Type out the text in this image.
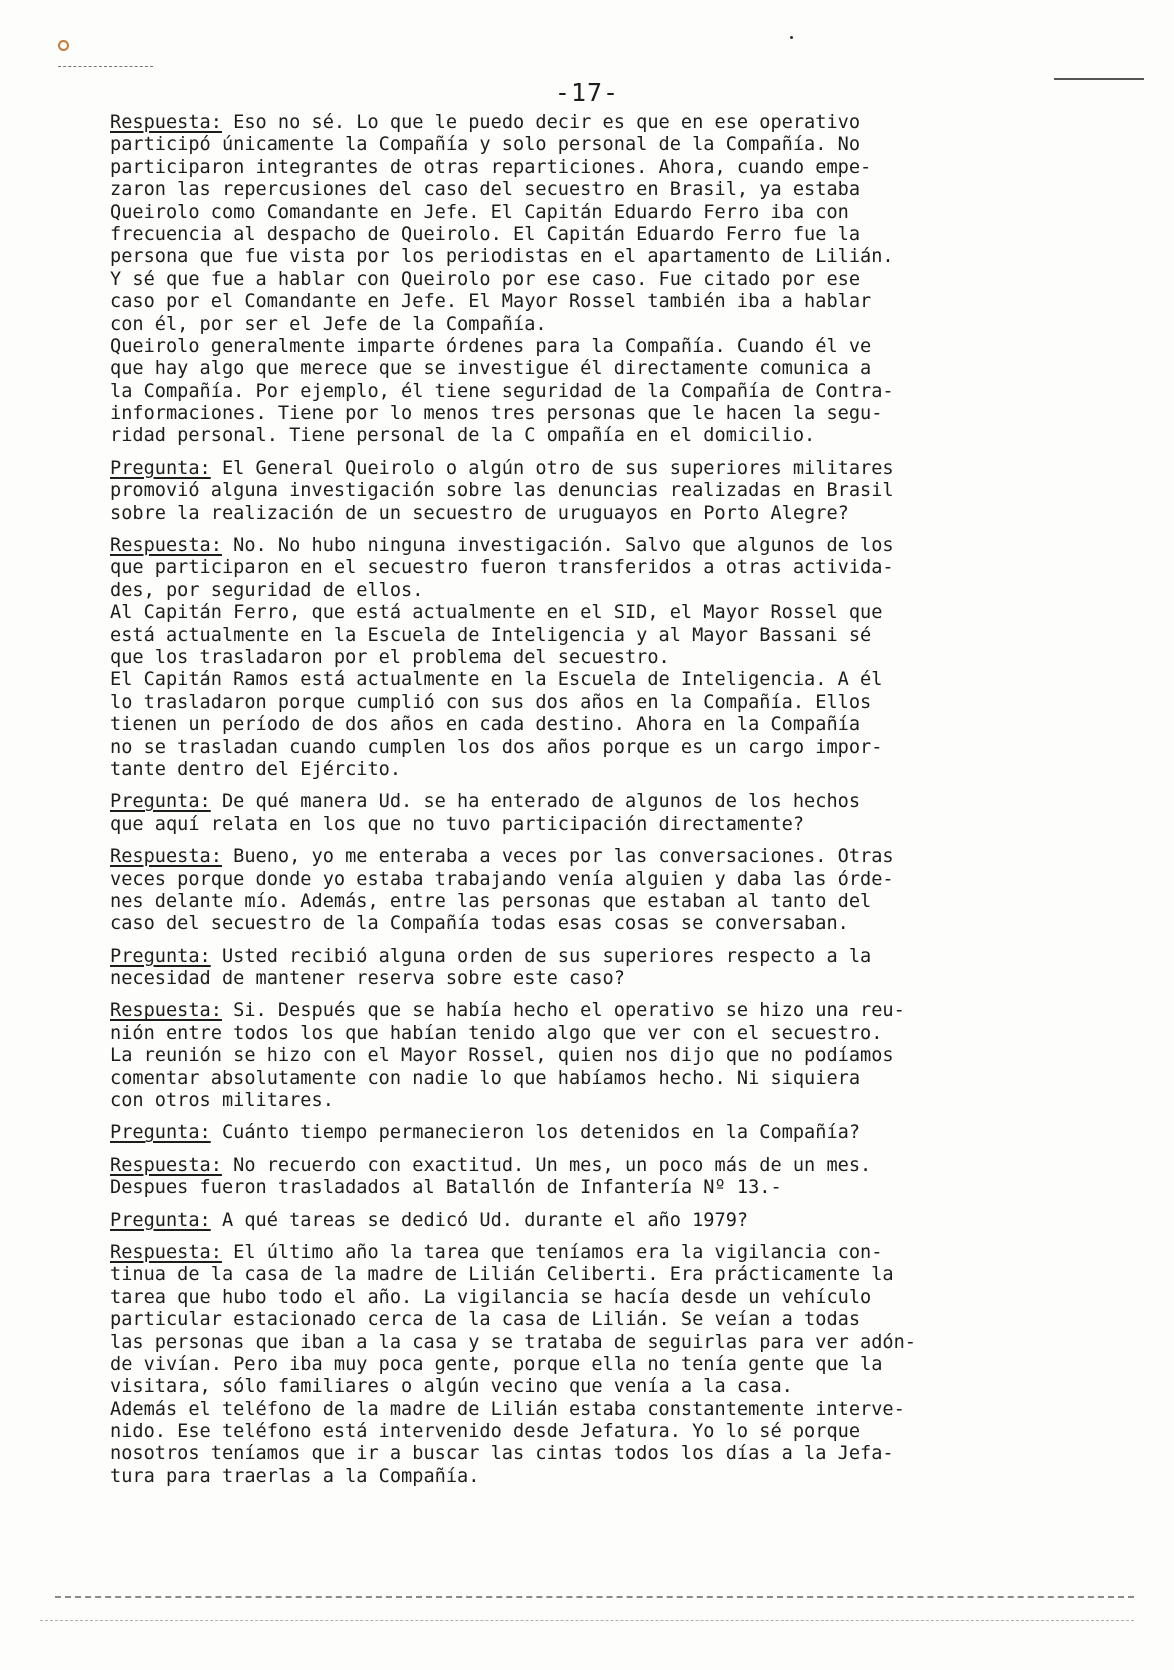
-17-
Respuesta: Eso no sé. Lo que le puedo decir es que en ese operativo
participó únicamente la Compañía y solo personal de la Compañía. No
participaron integrantes de otras reparticiones. Ahora, cuando empe-
zaron las repercusiones del caso del secuestro en Brasil, ya estaba
Queirolo como Comandante en Jefe. El Capitán Eduardo Ferro iba con
frecuencia al despacho de Queirolo. El Capitán Eduardo Ferro fue la
persona que fue vista por los periodistas en el apartamento de Lilián.
Y sé que fue a hablar con Queirolo por ese caso. Fue citado por ese
caso por el Comandante en Jefe. El Mayor Rossel también iba a hablar
con él, por ser el Jefe de la Compañía.
Queirolo generalmente imparte órdenes para la Compañía. Cuando él ve
que hay algo que merece que se investigue él directamente comunica a
la Compañía. Por ejemplo, él tiene seguridad de la Compañía de Contra-
informaciones. Tiene por lo menos tres personas que le hacen la segu-
ridad personal. Tiene personal de la C ompañía en el domicilio.
Pregunta: El General Queirolo o algún otro de sus superiores militares
promovió alguna investigación sobre las denuncias realizadas en Brasil
sobre la realización de un secuestro de uruguayos en Porto Alegre?
Respuesta: No. No hubo ninguna investigación. Salvo que algunos de los
que participaron en el secuestro fueron transferidos a otras activida-
des, por seguridad de ellos.
Al Capitán Ferro, que está actualmente en el SID, el Mayor Rossel que
está actualmente en la Escuela de Inteligencia y al Mayor Bassani sé
que los trasladaron por el problema del secuestro.
El Capitán Ramos está actualmente en la Escuela de Inteligencia. A él
lo trasladaron porque cumplió con sus dos años en la Compañía. Ellos
tienen un período de dos años en cada destino. Ahora en la Compañía
no se trasladan cuando cumplen los dos años porque es un cargo impor-
tante dentro del Ejército.
Pregunta: De qué manera Ud. se ha enterado de algunos de los hechos
que aquí relata en los que no tuvo participación directamente?
Respuesta: Bueno, yo me enteraba a veces por las conversaciones. Otras
veces porque donde yo estaba trabajando venía alguien y daba las órde-
nes delante mío. Además, entre las personas que estaban al tanto del
caso del secuestro de la Compañía todas esas cosas se conversaban.
Pregunta: Usted recibió alguna orden de sus superiores respecto a la
necesidad de mantener reserva sobre este caso?
Respuesta: Si. Después que se había hecho el operativo se hizo una reu-
nión entre todos los que habían tenido algo que ver con el secuestro.
La reunión se hizo con el Mayor Rossel, quien nos dijo que no podíamos
comentar absolutamente con nadie lo que habíamos hecho. Ni siquiera
con otros militares.
Pregunta: Cuánto tiempo permanecieron los detenidos en la Compañía?
Respuesta: No recuerdo con exactitud. Un mes, un poco más de un mes.
Despues fueron trasladados al Batallón de Infantería Nº 13.-
Pregunta: A qué tareas se dedicó Ud. durante el año 1979?
Respuesta: El último año la tarea que teníamos era la vigilancia con-
tinua de la casa de la madre de Lilián Celiberti. Era prácticamente la
tarea que hubo todo el año. La vigilancia se hacía desde un vehículo
particular estacionado cerca de la casa de Lilián. Se veían a todas
las personas que iban a la casa y se trataba de seguirlas para ver adón-
de vivían. Pero iba muy poca gente, porque ella no tenía gente que la
visitara, sólo familiares o algún vecino que venía a la casa.
Además el teléfono de la madre de Lilián estaba constantemente interve-
nido. Ese teléfono está intervenido desde Jefatura. Yo lo sé porque
nosotros teníamos que ir a buscar las cintas todos los días a la Jefa-
tura para traerlas a la Compañía.
